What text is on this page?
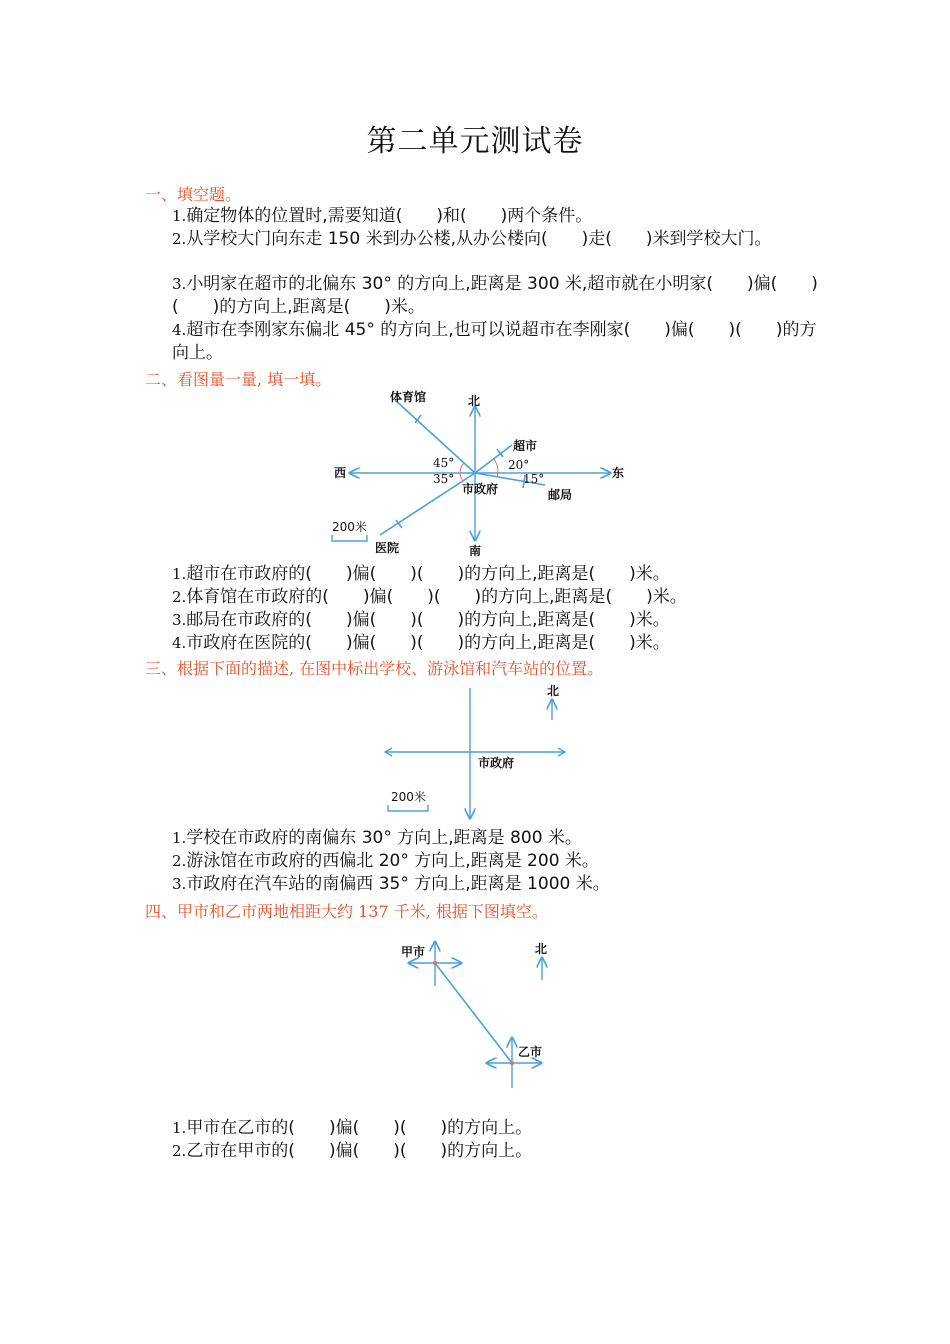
第二单元测试卷
一、填空题。
1.确定物体的位置时,需要知道(　　)和(　　)两个条件。
2.从学校大门向东走 150 米到办公楼,从办公楼向(　　)走(　　)米到学校大门。
3.小明家在超市的北偏东 30° 的方向上,距离是 300 米,超市就在小明家(　　)偏(　　)(　　)的方向上,距离是(　　)米。
4.超市在李刚家东偏北 45° 的方向上,也可以说超市在李刚家(　　)偏(　　)(　　)的方向上。
二、看图量一量, 填一填。
北
南
东
西
市政府
体育馆
超市
邮局
医院
45°
35°
20°
15°
200米
1.超市在市政府的(　　)偏(　　)(　　)的方向上,距离是(　　)米。
2.体育馆在市政府的(　　)偏(　　)(　　)的方向上,距离是(　　)米。
3.邮局在市政府的(　　)偏(　　)(　　)的方向上,距离是(　　)米。
4.市政府在医院的(　　)偏(　　)(　　)的方向上,距离是(　　)米。
三、根据下面的描述, 在图中标出学校、游泳馆和汽车站的位置。
市政府
北
200米
1.学校在市政府的南偏东 30° 方向上,距离是 800 米。
2.游泳馆在市政府的西偏北 20° 方向上,距离是 200 米。
3.市政府在汽车站的南偏西 35° 方向上,距离是 1000 米。
四、甲市和乙市两地相距大约 137 千米, 根据下图填空。
甲市
乙市
北
1.甲市在乙市的(　　)偏(　　)(　　)的方向上。
2.乙市在甲市的(　　)偏(　　)(　　)的方向上。
